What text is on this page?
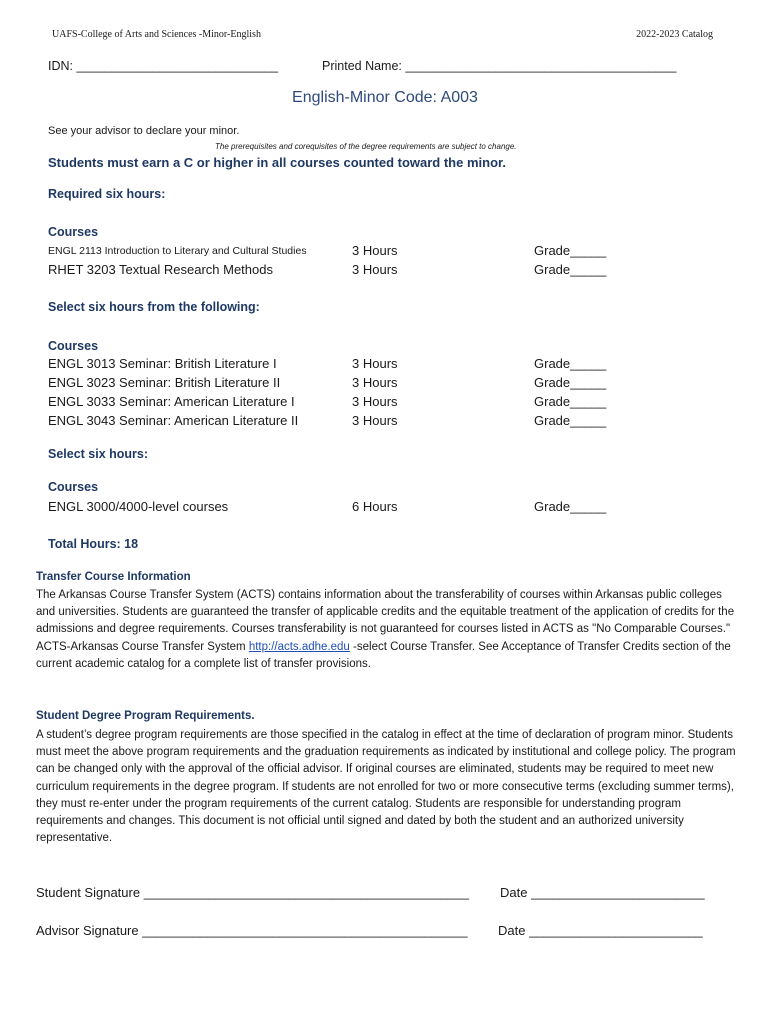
UAFS-College of Arts and Sciences -Minor-English	2022-2023 Catalog
IDN: _____________________________	Printed Name: _______________________________________
English-Minor Code: A003
See your advisor to declare your minor.
The prerequisites and corequisites of the degree requirements are subject to change.
Students must earn a C or higher in all courses counted toward the minor.
Required six hours:
Courses
ENGL 2113 Introduction to Literary and Cultural Studies	3 Hours	Grade_____
RHET 3203 Textual Research Methods	3 Hours	Grade_____
Select six hours from the following:
Courses
ENGL 3013 Seminar: British Literature I	3 Hours	Grade_____
ENGL 3023 Seminar: British Literature II	3 Hours	Grade_____
ENGL 3033 Seminar: American Literature I	3 Hours	Grade_____
ENGL 3043 Seminar: American Literature II	3 Hours	Grade_____
Select six hours:
Courses
ENGL 3000/4000-level courses	6 Hours	Grade_____
Total Hours: 18
Transfer Course Information
The Arkansas Course Transfer System (ACTS) contains information about the transferability of courses within Arkansas public colleges and universities. Students are guaranteed the transfer of applicable credits and the equitable treatment of the application of credits for the admissions and degree requirements. Courses transferability is not guaranteed for courses listed in ACTS as "No Comparable Courses." ACTS-Arkansas Course Transfer System http://acts.adhe.edu -select Course Transfer. See Acceptance of Transfer Credits section of the current academic catalog for a complete list of transfer provisions.
Student Degree Program Requirements.
A student’s degree program requirements are those specified in the catalog in effect at the time of declaration of program minor. Students must meet the above program requirements and the graduation requirements as indicated by institutional and college policy. The program can be changed only with the approval of the official advisor. If original courses are eliminated, students may be required to meet new curriculum requirements in the degree program. If students are not enrolled for two or more consecutive terms (excluding summer terms), they must re-enter under the program requirements of the current catalog. Students are responsible for understanding program requirements and changes. This document is not official until signed and dated by both the student and an authorized university representative.
Student Signature _____________________________________________ Date ________________________
Advisor Signature _____________________________________________ Date ________________________
